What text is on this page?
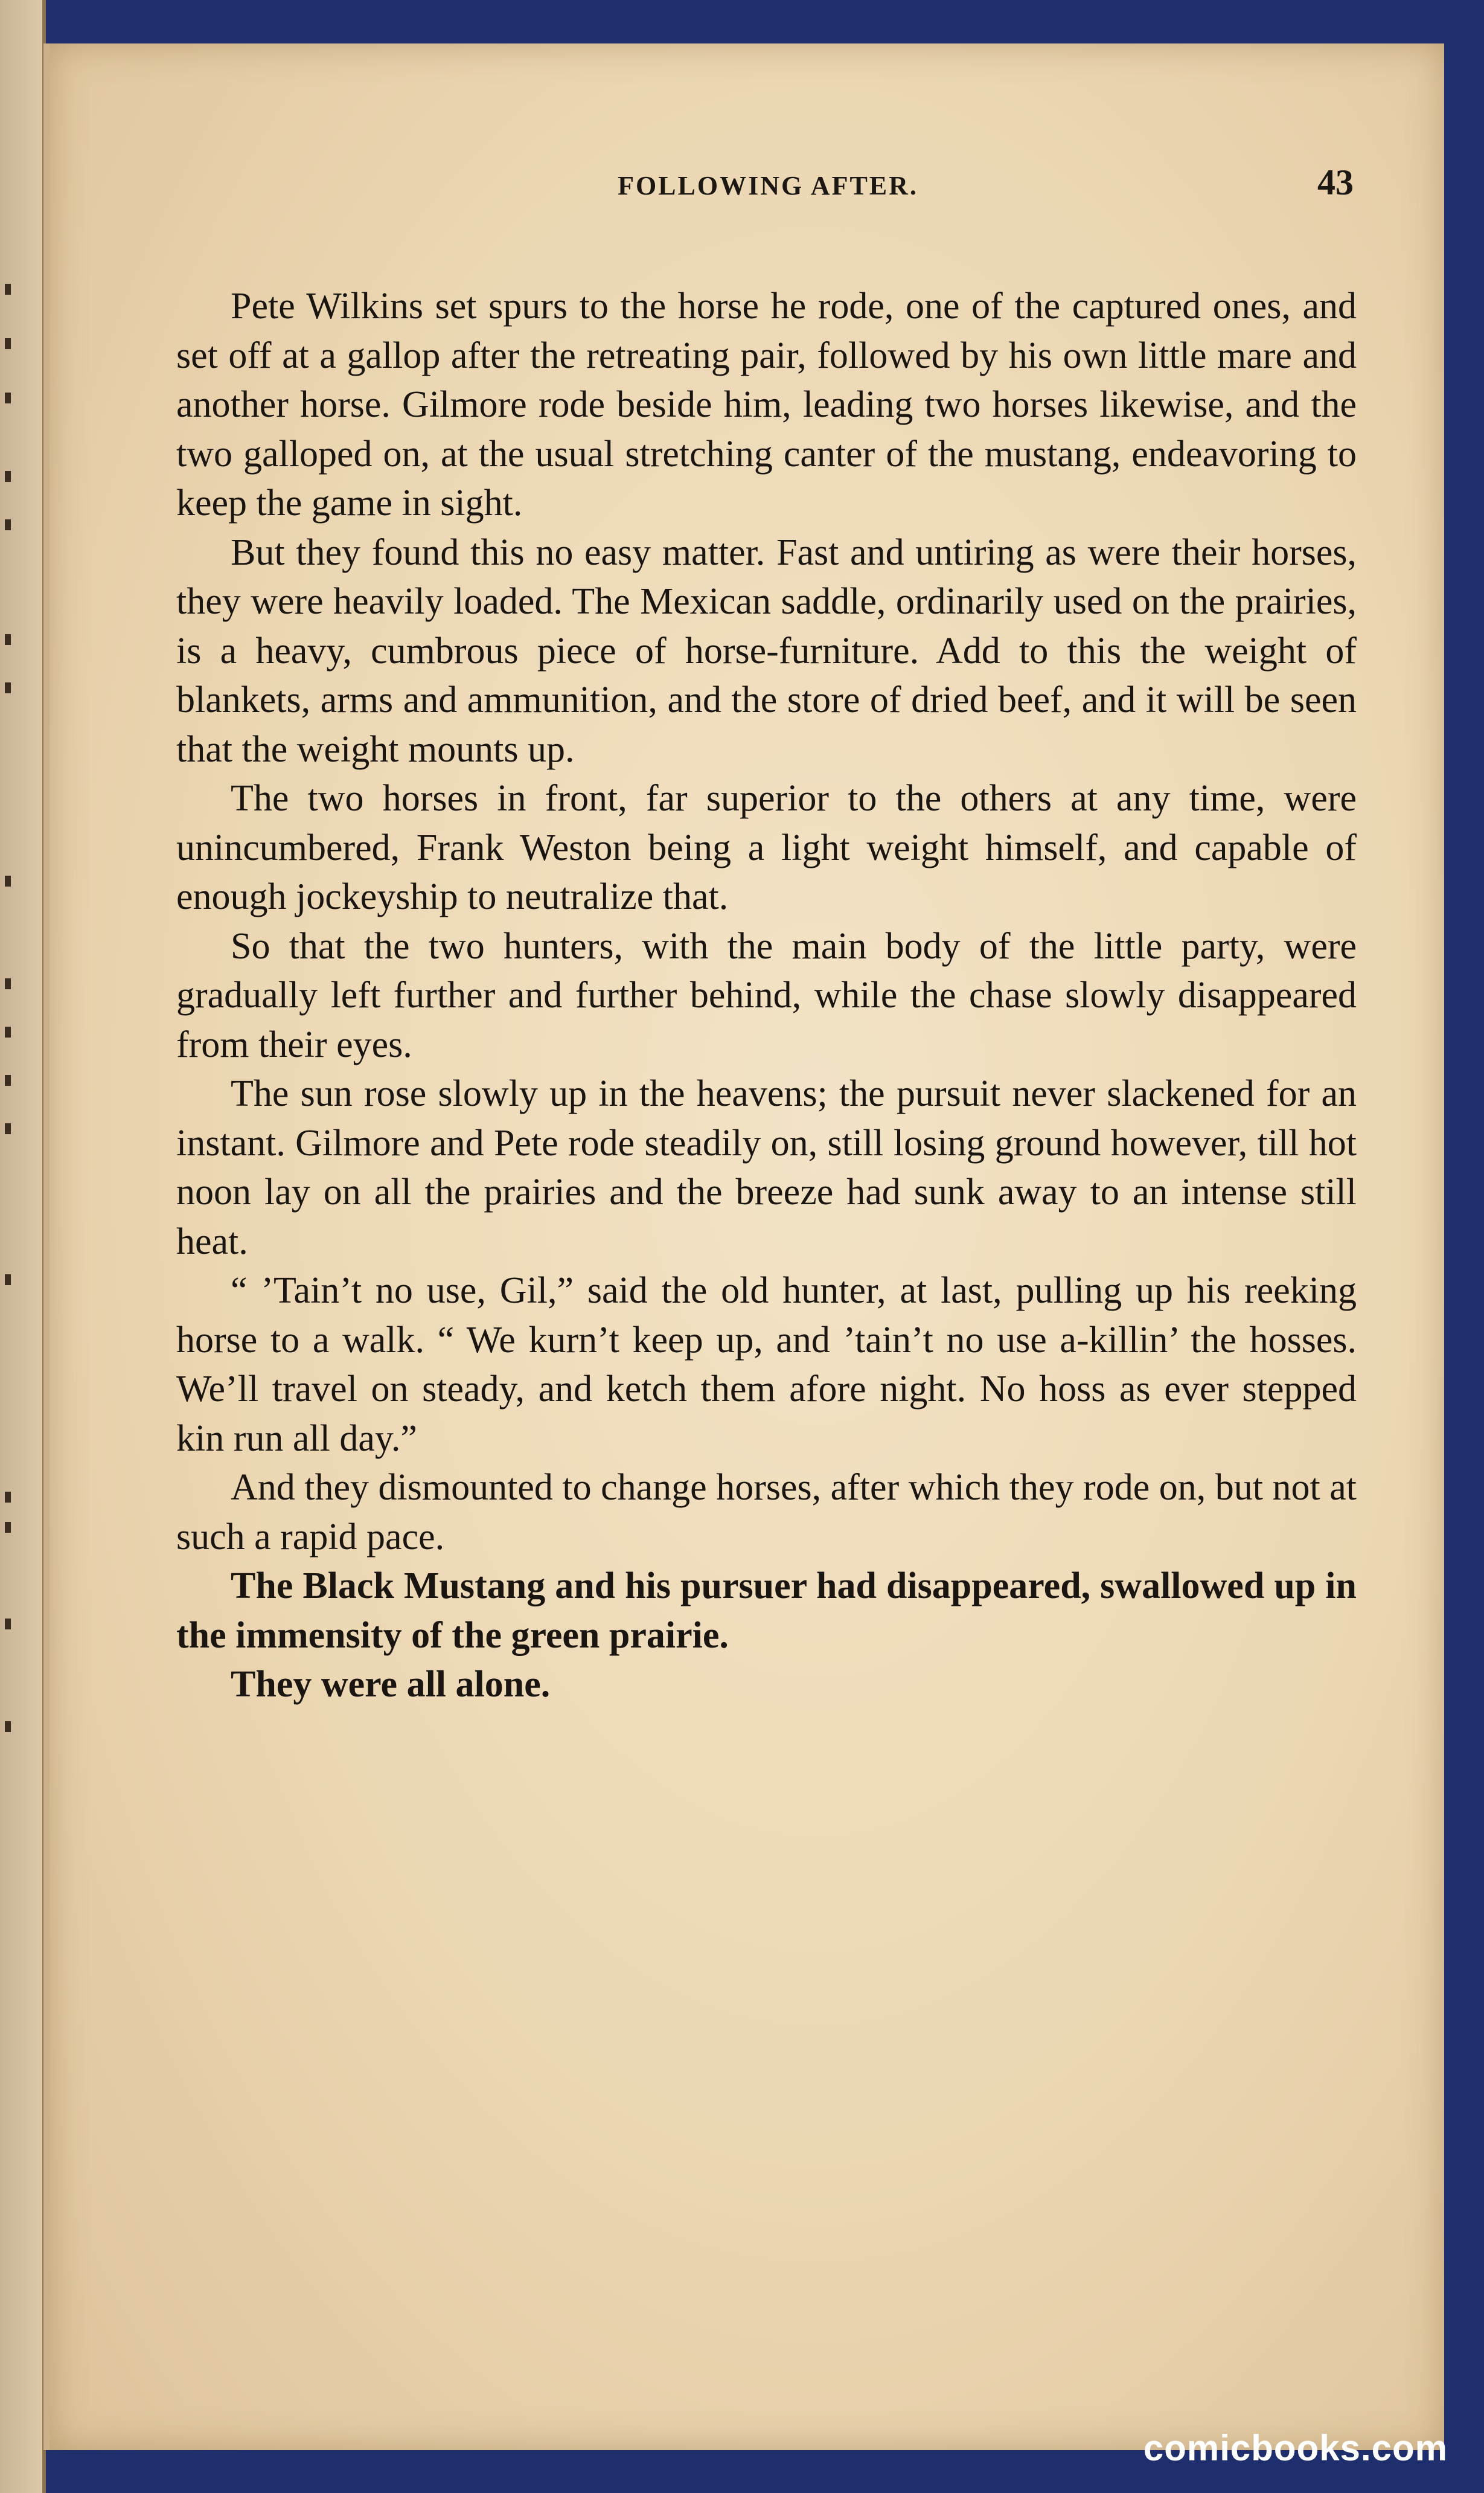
FOLLOWING AFTER.	43

Pete Wilkins set spurs to the horse he rode, one of the captured ones, and set off at a gallop after the retreating pair, followed by his own little mare and another horse. Gilmore rode beside him, leading two horses likewise, and the two galloped on, at the usual stretching canter of the mustang, endeavoring to keep the game in sight.

But they found this no easy matter. Fast and untiring as were their horses, they were heavily loaded. The Mexican saddle, ordinarily used on the prairies, is a heavy, cumbrous piece of horse-furniture. Add to this the weight of blankets, arms and ammunition, and the store of dried beef, and it will be seen that the weight mounts up.

The two horses in front, far superior to the others at any time, were unincumbered, Frank Weston being a light weight himself, and capable of enough jockeyship to neutralize that.

So that the two hunters, with the main body of the little party, were gradually left further and further behind, while the chase slowly disappeared from their eyes.

The sun rose slowly up in the heavens; the pursuit never slackened for an instant. Gilmore and Pete rode steadily on, still losing ground however, till hot noon lay on all the prairies and the breeze had sunk away to an intense still heat.

“ ’Tain’t no use, Gil,” said the old hunter, at last, pulling up his reeking horse to a walk. “ We kurn’t keep up, and ’tain’t no use a-killin’ the hosses. We’ll travel on steady, and ketch them afore night. No hoss as ever stepped kin run all day.”

And they dismounted to change horses, after which they rode on, but not at such a rapid pace.

The Black Mustang and his pursuer had disappeared, swallowed up in the immensity of the green prairie.

They were all alone.

comicbooks.com
